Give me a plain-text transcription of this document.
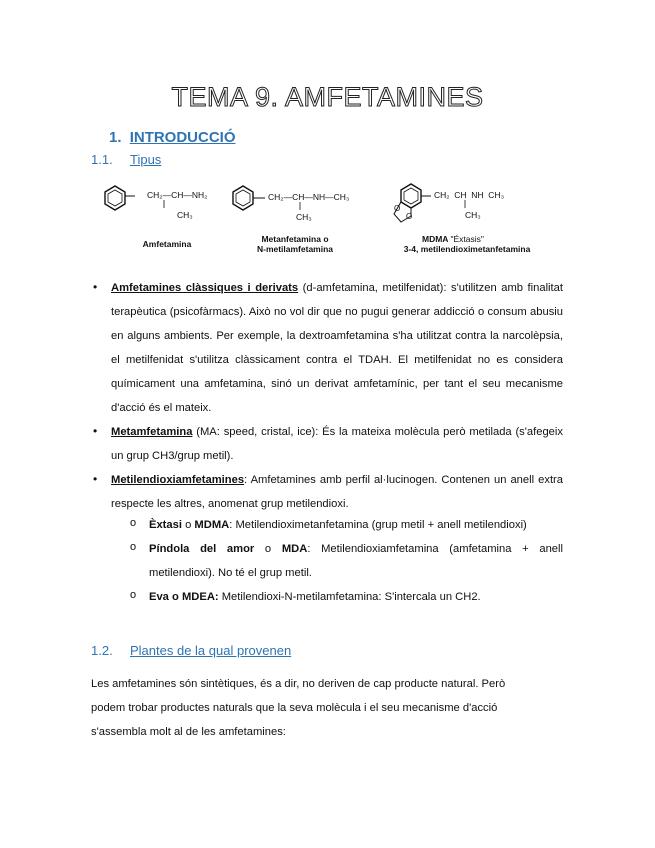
TEMA 9. AMFETAMINES
1. INTRODUCCIÓ
1.1. Tipus
O
O
CH₂—CH—NH₂
CH₃
Amfetamina
CH₂—CH—NH—CH₃
CH₃
Metanfetamina o
N-metilamfetamina
CH₂  CH  NH  CH₃
CH₃
MDMA "Éxtasis"
3-4, metilendioximetanfetamina
• Amfetamines clàssiques i derivats (d-amfetamina, metilfenidat): s'utilitzen amb finalitat terapèutica (psicofàrmacs). Això no vol dir que no pugui generar addicció o consum abusiu en alguns ambients. Per exemple, la dextroamfetamina s'ha utilitzat contra la narcolèpsia, el metilfenidat s'utilitza clàssicament contra el TDAH. El metilfenidat no es considera químicament una amfetamina, sinó un derivat amfetamínic, per tant el seu mecanisme d'acció és el mateix.
• Metamfetamina (MA: speed, cristal, ice): És la mateixa molècula però metilada (s'afegeix un grup CH3/grup metil).
• Metilendioxiamfetamines: Amfetamines amb perfil al·lucinogen. Contenen un anell extra respecte les altres, anomenat grup metilendioxi.
o Èxtasi o MDMA: Metilendioximetanfetamina (grup metil + anell metilendioxi)
o Píndola del amor o MDA: Metilendioxiamfetamina (amfetamina + anell metilendioxi). No té el grup metil.
o Eva o MDEA: Metilendioxi-N-metilamfetamina: S'intercala un CH2.
1.2. Plantes de la qual provenen
Les amfetamines són sintètiques, és a dir, no deriven de cap producte natural. Però
podem trobar productes naturals que la seva molècula i el seu mecanisme d'acció
s'assembla molt al de les amfetamines:
